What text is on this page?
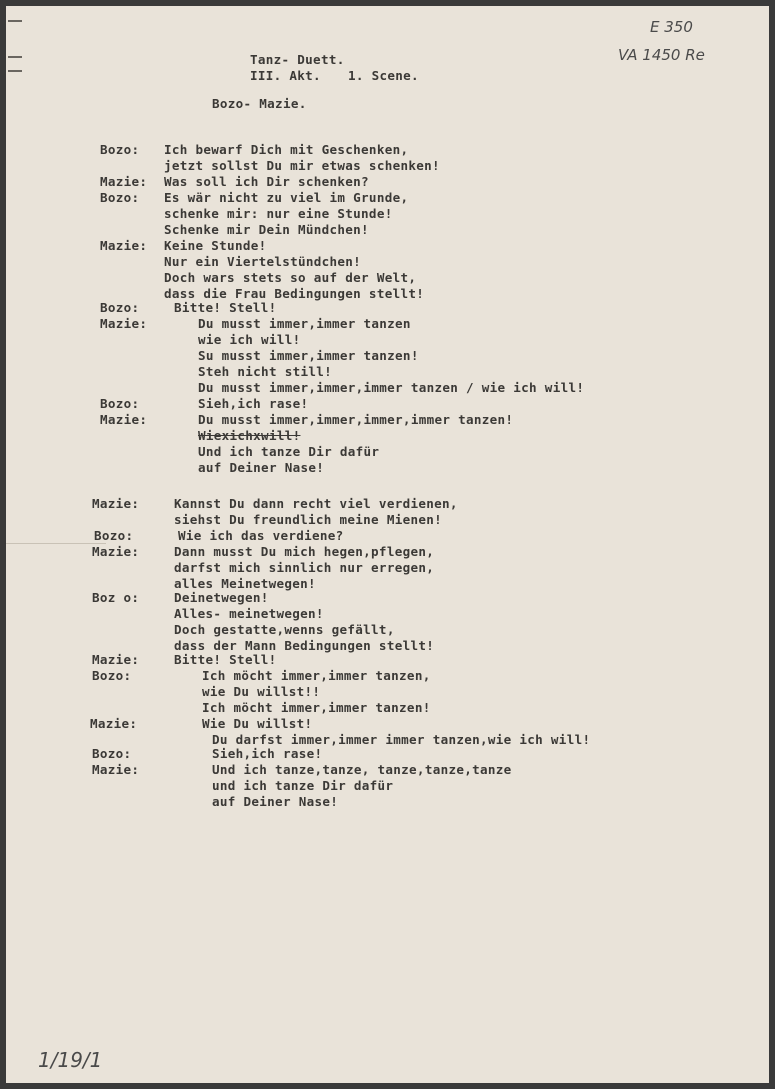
E 350
VA 1450 Re
1/19/1
Tanz- Duett.
III. Akt. 1. Scene.
Bozo- Mazie.
Bozo: Ich bewarf Dich mit Geschenken,
jetzt sollst Du mir etwas schenken!
Mazie: Was soll ich Dir schenken?
Bozo: Es wär nicht zu viel im Grunde,
schenke mir: nur eine Stunde!
Schenke mir Dein Mündchen!
Mazie: Keine Stunde!
Nur ein Viertelstündchen!
Doch wars stets so auf der Welt,
dass die Frau Bedingungen stellt!
Bozo:	Bitte! Stell!
Mazie:	Du musst immer,immer tanzen
wie ich will!
Su musst immer,immer tanzen!
Steh nicht still!
Du musst immer,immer,immer tanzen / wie ich will!
Bozo:	Sieh,ich rase!
Mazie:	Du musst immer,immer,immer,immer tanzen!
Wiexichxwill!
Und ich tanze Dir dafür
auf Deiner Nase!
Mazie:	Kannst Du dann recht viel verdienen,
siehst Du freundlich meine Mienen!
Bozo:	Wie ich das verdiene?
Mazie:	Dann musst Du mich hegen,pflegen,
darfst mich sinnlich nur erregen,
alles Meinetwegen!
Boz o:	Deinetwegen!
Alles- meinetwegen!
Doch gestatte,wenns gefällt,
dass der Mann Bedingungen stellt!
Mazie:	Bitte! Stell!
Bozo:	Ich möcht immer,immer tanzen,
wie Du willst!!
Ich möcht immer,immer tanzen!
Mazie:	Wie Du willst!
Du darfst immer,immer immer tanzen,wie ich will!
Bozo:	Sieh,ich rase!
Mazie:	Und ich tanze,tanze, tanze,tanze,tanze
und ich tanze Dir dafür
auf Deiner Nase!
